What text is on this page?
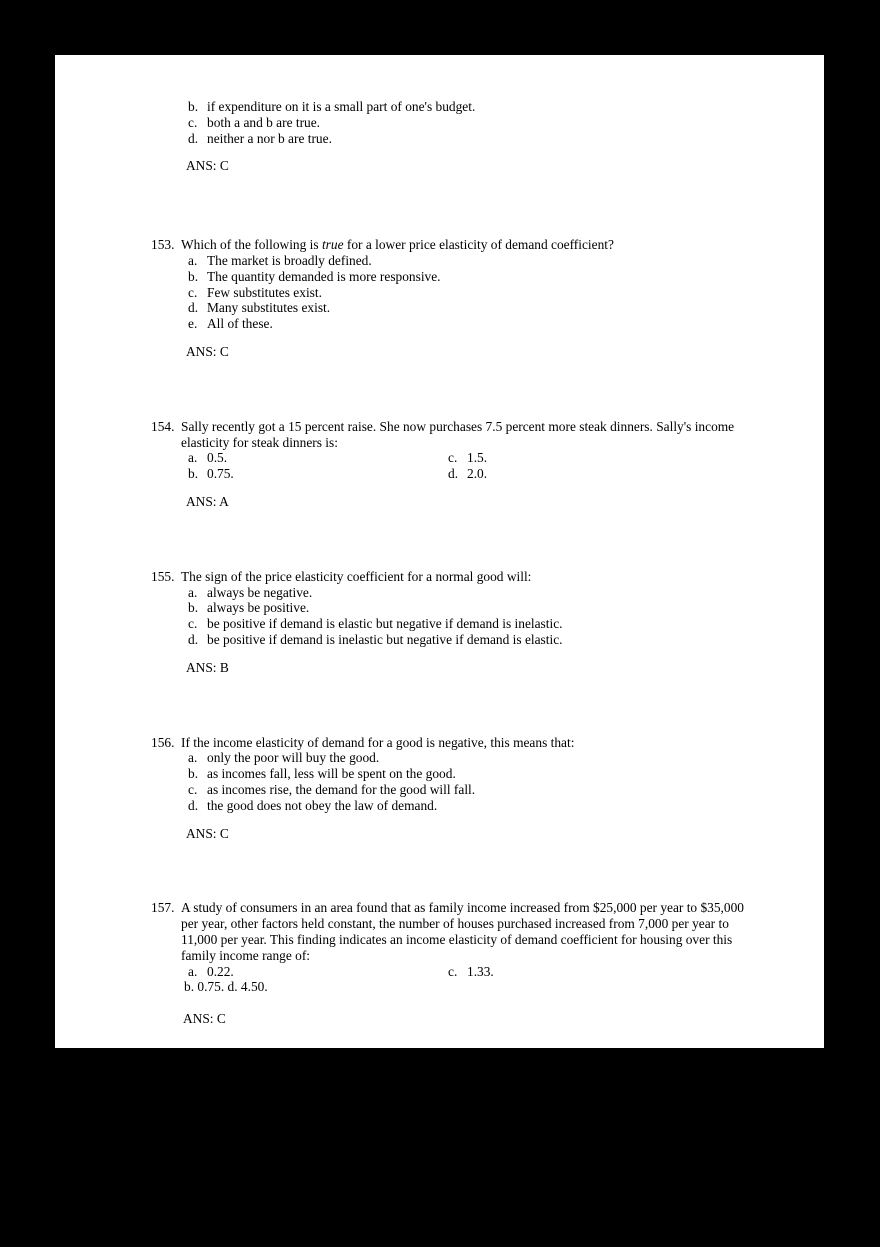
b. if expenditure on it is a small part of one's budget.
c. both a and b are true.
d. neither a nor b are true.
ANS: C
153. Which of the following is true for a lower price elasticity of demand coefficient?
a. The market is broadly defined.
b. The quantity demanded is more responsive.
c. Few substitutes exist.
d. Many substitutes exist.
e. All of these.
ANS: C
154. Sally recently got a 15 percent raise. She now purchases 7.5 percent more steak dinners. Sally's income elasticity for steak dinners is:
a. 0.5.	c. 1.5.
b. 0.75.	d. 2.0.
ANS: A
155. The sign of the price elasticity coefficient for a normal good will:
a. always be negative.
b. always be positive.
c. be positive if demand is elastic but negative if demand is inelastic.
d. be positive if demand is inelastic but negative if demand is elastic.
ANS: B
156. If the income elasticity of demand for a good is negative, this means that:
a. only the poor will buy the good.
b. as incomes fall, less will be spent on the good.
c. as incomes rise, the demand for the good will fall.
d. the good does not obey the law of demand.
ANS: C
157. A study of consumers in an area found that as family income increased from $25,000 per year to $35,000 per year, other factors held constant, the number of houses purchased increased from 7,000 per year to 11,000 per year. This finding indicates an income elasticity of demand coefficient for housing over this family income range of:
a. 0.22.	c. 1.33.
b. 0.75. d. 4.50.
ANS: C
